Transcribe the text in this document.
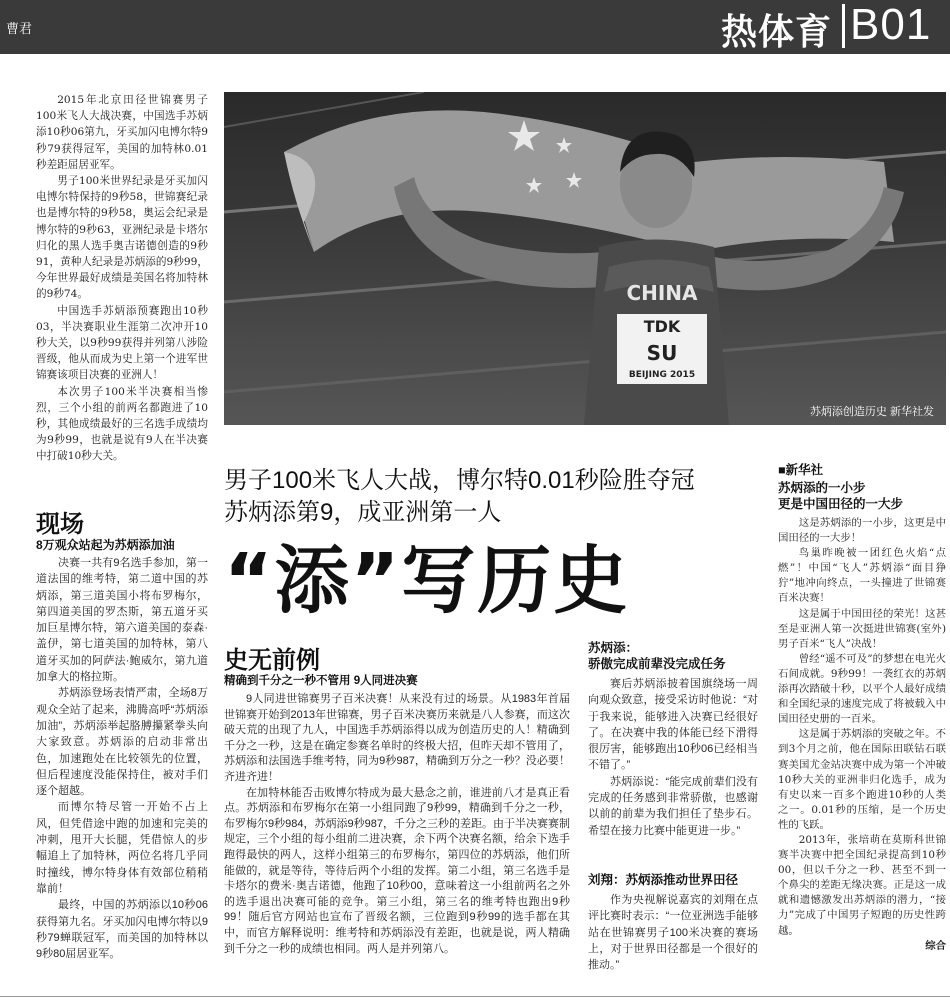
曹君	热体育 B01

2015年北京田径世锦赛男子100米飞人大战决赛，中国选手苏炳添10秒06第九，牙买加闪电博尔特9秒79获得冠军，美国的加特林0.01秒差距屈居亚军。

男子100米世界纪录是牙买加闪电博尔特保持的9秒58，世锦赛纪录也是博尔特的9秒58，奥运会纪录是博尔特的9秒63，亚洲纪录是卡塔尔归化的黑人选手奥吉诺德创造的9秒91，黄种人纪录是苏炳添的9秒99，今年世界最好成绩是美国名将加特林的9秒74。

中国选手苏炳添预赛跑出10秒03，半决赛职业生涯第二次冲开10秒大关，以9秒99获得并列第八涉险晋级，他从而成为史上第一个进军世锦赛该项目决赛的亚洲人！

本次男子100米半决赛相当惨烈，三个小组的前两名都跑进了10秒，其他成绩最好的三名选手成绩均为9秒99，也就是说有9人在半决赛中打破10秒大关。

现场
8万观众站起为苏炳添加油

决赛一共有9名选手参加，第一道法国的维考特，第二道中国的苏炳添，第三道美国小将布罗梅尔，第四道美国的罗杰斯，第五道牙买加巨星博尔特，第六道美国的泰森·盖伊，第七道美国的加特林，第八道牙买加的阿萨法·鲍威尔，第九道加拿大的格拉斯。

苏炳添登场表情严肃，全场8万观众全站了起来，沸腾高呼“苏炳添加油”，苏炳添举起胳膊攥紧拳头向大家致意。苏炳添的启动非常出色，加速跑处在比较领先的位置，但后程速度没能保持住，被对手们逐个超越。

而博尔特尽管一开始不占上风，但凭借途中跑的加速和完美的冲刺，甩开大长腿，凭借惊人的步幅追上了加特林，两位名将几乎同时撞线，博尔特身体有效部位稍稍靠前！

最终，中国的苏炳添以10秒06获得第九名。牙买加闪电博尔特以9秒79蝉联冠军，而美国的加特林以9秒80屈居亚军。

CHINA
TDK
SU
BEIJING 2015
苏炳添创造历史 新华社发
男子100米飞人大战，博尔特0.01秒险胜夺冠
苏炳添第9，成亚洲第一人
“添”写历史
史无前例
精确到千分之一秒不管用 9人同进决赛

9人同进世锦赛男子百米决赛！从来没有过的场景。从1983年首届世锦赛开始到2013年世锦赛，男子百米决赛历来就是八人参赛，而这次破天荒的出现了九人，中国选手苏炳添得以成为创造历史的人！精确到千分之一秒，这是在确定参赛名单时的终极大招，但昨天却不管用了，苏炳添和法国选手维考特，同为9秒987，精确到万分之一秒？没必要！齐进齐进！

在加特林能否击败博尔特成为最大悬念之前，谁进前八才是真正看点。苏炳添和布罗梅尔在第一小组同跑了9秒99，精确到千分之一秒，布罗梅尔9秒984，苏炳添9秒987，千分之三秒的差距。由于半决赛赛制规定，三个小组的每小组前二进决赛，余下两个决赛名额，给余下选手跑得最快的两人，这样小组第三的布罗梅尔，第四位的苏炳添，他们所能做的，就是等待，等待后两个小组的发挥。第二小组，第三名选手是卡塔尔的费米·奥吉诺德，他跑了10秒00，意味着这一小组前两名之外的选手退出决赛可能的竞争。第三小组，第三名的维考特也跑出9秒99！随后官方网站也宣布了晋级名额，三位跑到9秒99的选手都在其中，而官方解释说明：维考特和苏炳添没有差距，也就是说，两人精确到千分之一秒的成绩也相同。两人是并列第八。

苏炳添：
骄傲完成前辈没完成任务

赛后苏炳添披着国旗绕场一周向观众致意，接受采访时他说：“对于我来说，能够进入决赛已经很好了。在决赛中我的体能已经下滑得很厉害，能够跑出10秒06已经相当不错了。”

苏炳添说：“能完成前辈们没有完成的任务感到非常骄傲，也感谢以前的前辈为我们担任了垫步石。希望在接力比赛中能更进一步。”

刘翔：苏炳添推动世界田径

作为央视解说嘉宾的刘翔在点评比赛时表示：“一位亚洲选手能够站在世锦赛男子100米决赛的赛场上，对于世界田径都是一个很好的推动。”

■新华社
苏炳添的一小步
更是中国田径的一大步

这是苏炳添的一小步，这更是中国田径的一大步！

鸟巢昨晚被一团红色火焰“点燃”！中国“飞人”苏炳添“面目狰狞”地冲向终点，一头撞进了世锦赛百米决赛！

这是属于中国田径的荣光！这甚至是亚洲人第一次挺进世锦赛(室外)男子百米“飞人”决战！

曾经“遥不可及”的梦想在电光火石间成就。9秒99！一袭红衣的苏炳添再次踏破十秒，以平个人最好成绩和全国纪录的速度完成了将被载入中国田径史册的一百米。

这是属于苏炳添的突破之年。不到3个月之前，他在国际田联钻石联赛美国尤金站决赛中成为第一个冲破10秒大关的亚洲非归化选手，成为有史以来一百多个跑进10秒的人类之一。0.01秒的压缩，是一个历史性的飞跃。

2013年，张培萌在莫斯科世锦赛半决赛中把全国纪录提高到10秒00，但以千分之一秒、甚至不到一个鼻尖的差距无缘决赛。正是这一成就和遗憾激发出苏炳添的潜力，“接力”完成了中国男子短跑的历史性跨越。

综合
